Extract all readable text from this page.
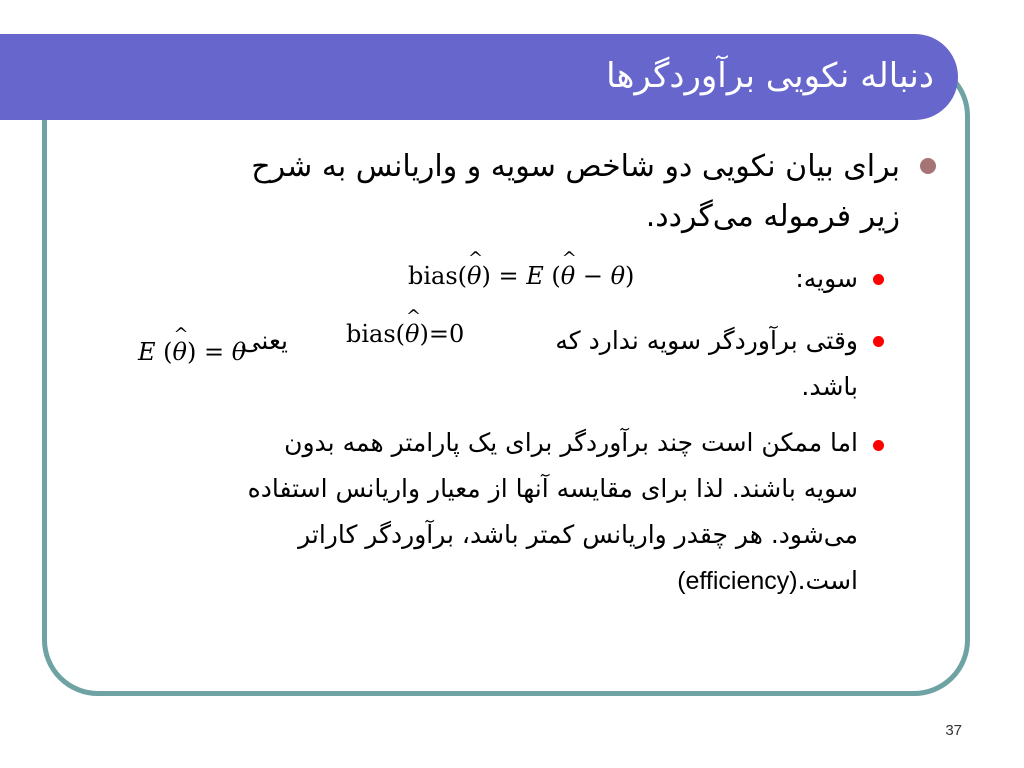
دنباله نکویی برآوردگرها
برای بیان نکویی دو شاخص سویه و واریانس به شرح
زیر فرموله می‌گردد.
سویه:
bias(^ θ) = E (^ θ − θ)
وقتی برآوردگر سویه ندارد که
bias(^ θ)=0
یعنی
E (^ θ) = θ
باشد.
اما ممکن است چند برآوردگر برای یک پارامتر همه بدون
سویه باشند. لذا برای مقایسه آنها از معیار واریانس استفاده
می‌شود. هر چقدر واریانس کمتر باشد، برآوردگر کاراتر
است.(efficiency)
37
